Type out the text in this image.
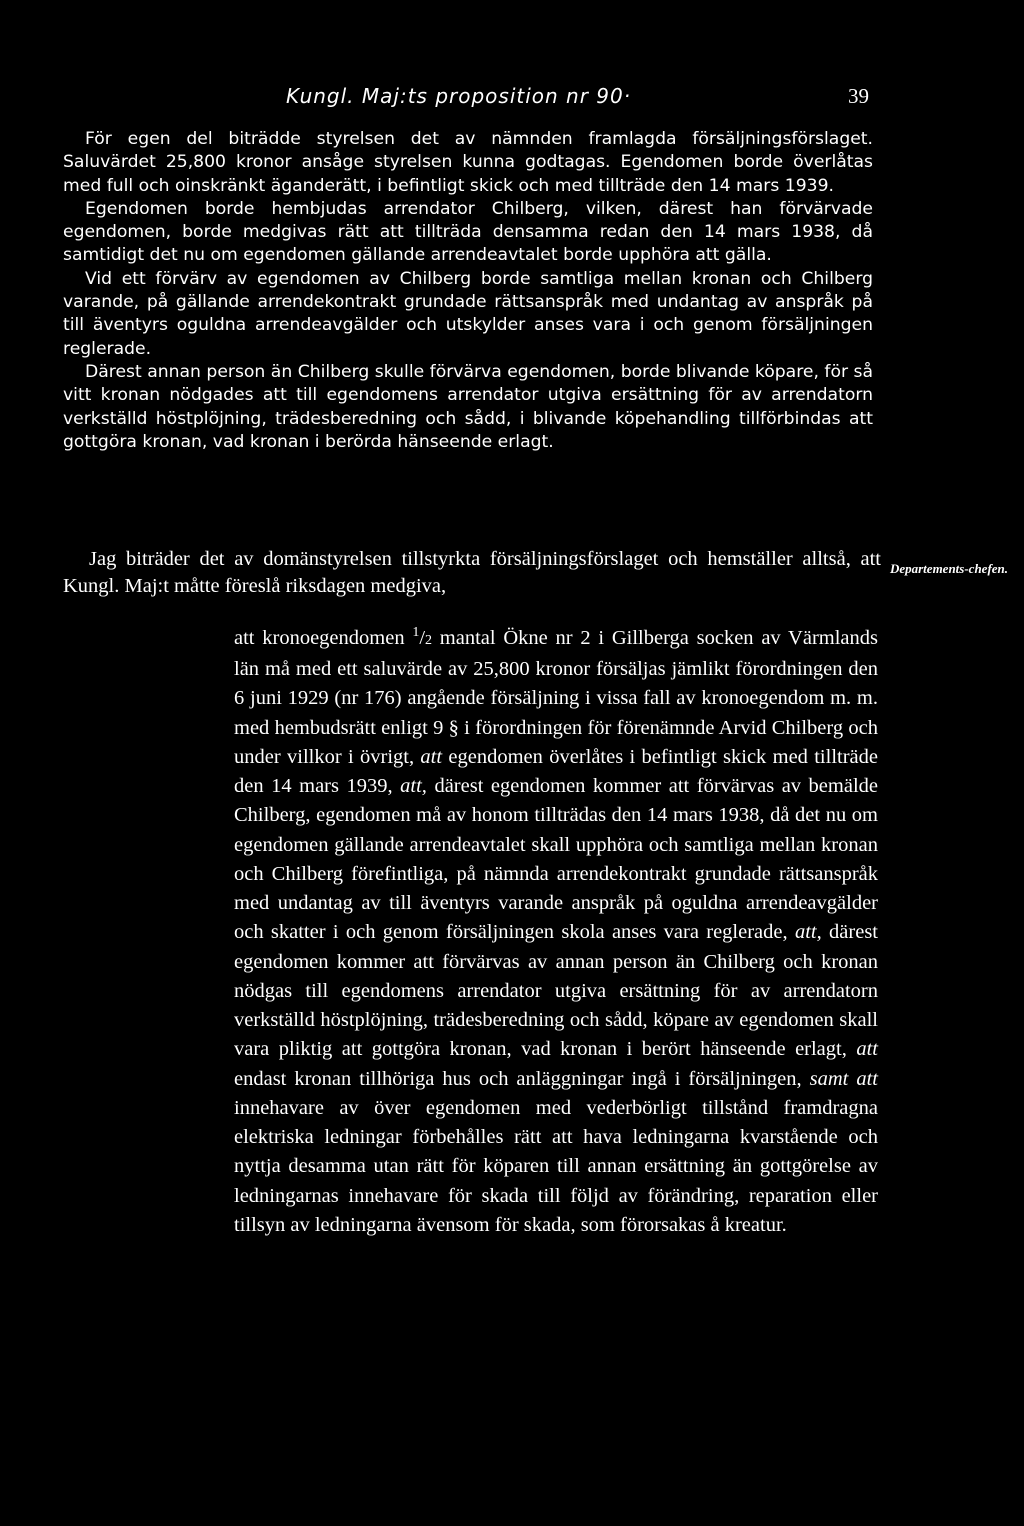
Kungl. Maj:ts proposition nr 90·	39

För egen del biträdde styrelsen det av nämnden framlagda försäljningsförslaget. Saluvärdet 25,800 kronor ansåge styrelsen kunna godtagas. Egendomen borde överlåtas med full och oinskränkt äganderätt, i befintligt skick och med tillträde den 14 mars 1939.

Egendomen borde hembjudas arrendator Chilberg, vilken, därest han förvärvade egendomen, borde medgivas rätt att tillträda densamma redan den 14 mars 1938, då samtidigt det nu om egendomen gällande arrendeavtalet borde upphöra att gälla.

Vid ett förvärv av egendomen av Chilberg borde samtliga mellan kronan och Chilberg varande, på gällande arrendekontrakt grundade rättsanspråk med undantag av anspråk på till äventyrs oguldna arrendeavgälder och utskylder anses vara i och genom försäljningen reglerade.

Därest annan person än Chilberg skulle förvärva egendomen, borde blivande köpare, för så vitt kronan nödgades att till egendomens arrendator utgiva ersättning för av arrendatorn verkställd höstplöjning, trädesberedning och sådd, i blivande köpehandling tillförbindas att gottgöra kronan, vad kronan i berörda hänseende erlagt.

Jag biträder det av domänstyrelsen tillstyrkta försäljningsförslaget och hemställer alltså, att Kungl. Maj:t måtte föreslå riksdagen medgiva,

Departements-chefen.

att kronoegendomen $^1$/2 mantal Ökne nr 2 i Gillberga socken av Värmlands län må med ett saluvärde av 25,800 kronor försäljas jämlikt förordningen den 6 juni 1929 (nr 176) angående försäljning i vissa fall av kronoegendom m. m. med hembudsrätt enligt 9 § i förordningen för förenämnde Arvid Chilberg och under villkor i övrigt, att egendomen överlåtes i befintligt skick med tillträde den 14 mars 1939, att, därest egendomen kommer att förvärvas av bemälde Chilberg, egendomen må av honom tillträdas den 14 mars 1938, då det nu om egendomen gällande arrendeavtalet skall upphöra och samtliga mellan kronan och Chilberg förefintliga, på nämnda arrendekontrakt grundade rättsanspråk med undantag av till äventyrs varande anspråk på oguldna arrendeavgälder och skatter i och genom försäljningen skola anses vara reglerade, att, därest egendomen kommer att förvärvas av annan person än Chilberg och kronan nödgas till egendomens arrendator utgiva ersättning för av arrendatorn verkställd höstplöjning, trädesberedning och sådd, köpare av egendomen skall vara pliktig att gottgöra kronan, vad kronan i berört hänseende erlagt, att endast kronan tillhöriga hus och anläggningar ingå i försäljningen, samt att innehavare av över egendomen med vederbörligt tillstånd framdragna elektriska ledningar förbehålles rätt att hava ledningarna kvarstående och nyttja desamma utan rätt för köparen till annan ersättning än gottgörelse av ledningarnas innehavare för skada till följd av förändring, reparation eller tillsyn av ledningarna ävensom för skada, som förorsakas å kreatur.
